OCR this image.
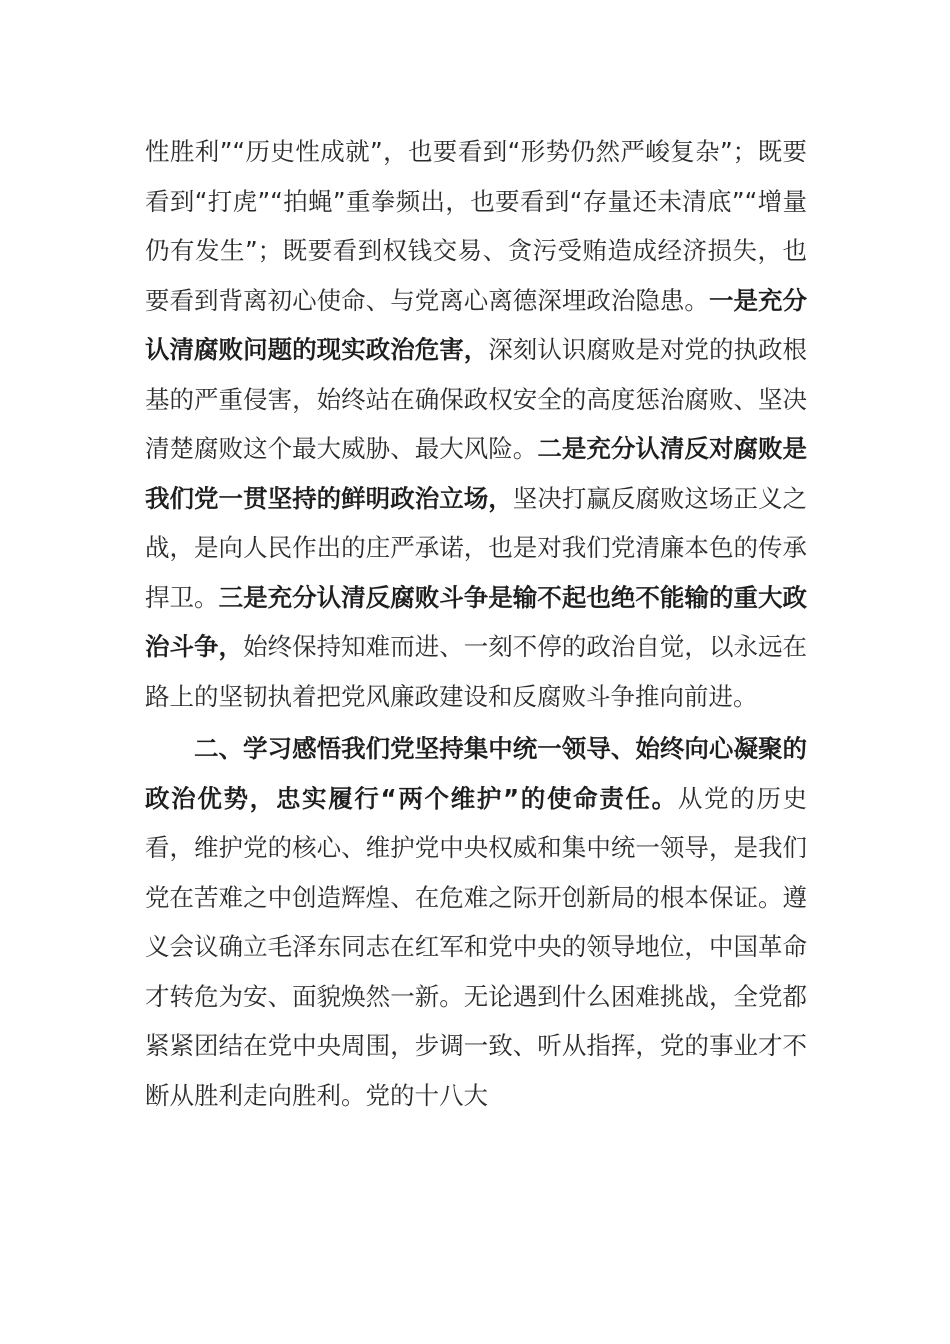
性胜利”“历史性成就”，也要看到“形势仍然严峻复杂”；既要看到“打虎”“拍蝇”重拳频出，也要看到“存量还未清底”“增量仍有发生”；既要看到权钱交易、贪污受贿造成经济损失，也要看到背离初心使命、与党离心离德深埋政治隐患。一是充分认清腐败问题的现实政治危害，深刻认识腐败是对党的执政根基的严重侵害，始终站在确保政权安全的高度惩治腐败、坚决清楚腐败这个最大威胁、最大风险。二是充分认清反对腐败是我们党一贯坚持的鲜明政治立场，坚决打赢反腐败这场正义之战，是向人民作出的庄严承诺，也是对我们党清廉本色的传承捍卫。三是充分认清反腐败斗争是输不起也绝不能输的重大政治斗争，始终保持知难而进、一刻不停的政治自觉，以永远在路上的坚韧执着把党风廉政建设和反腐败斗争推向前进。

二、学习感悟我们党坚持集中统一领导、始终向心凝聚的政治优势，忠实履行“两个维护”的使命责任。从党的历史看，维护党的核心、维护党中央权威和集中统一领导，是我们党在苦难之中创造辉煌、在危难之际开创新局的根本保证。遵义会议确立毛泽东同志在红军和党中央的领导地位，中国革命才转危为安、面貌焕然一新。无论遇到什么困难挑战，全党都紧紧团结在党中央周围，步调一致、听从指挥，党的事业才不断从胜利走向胜利。党的十八大
